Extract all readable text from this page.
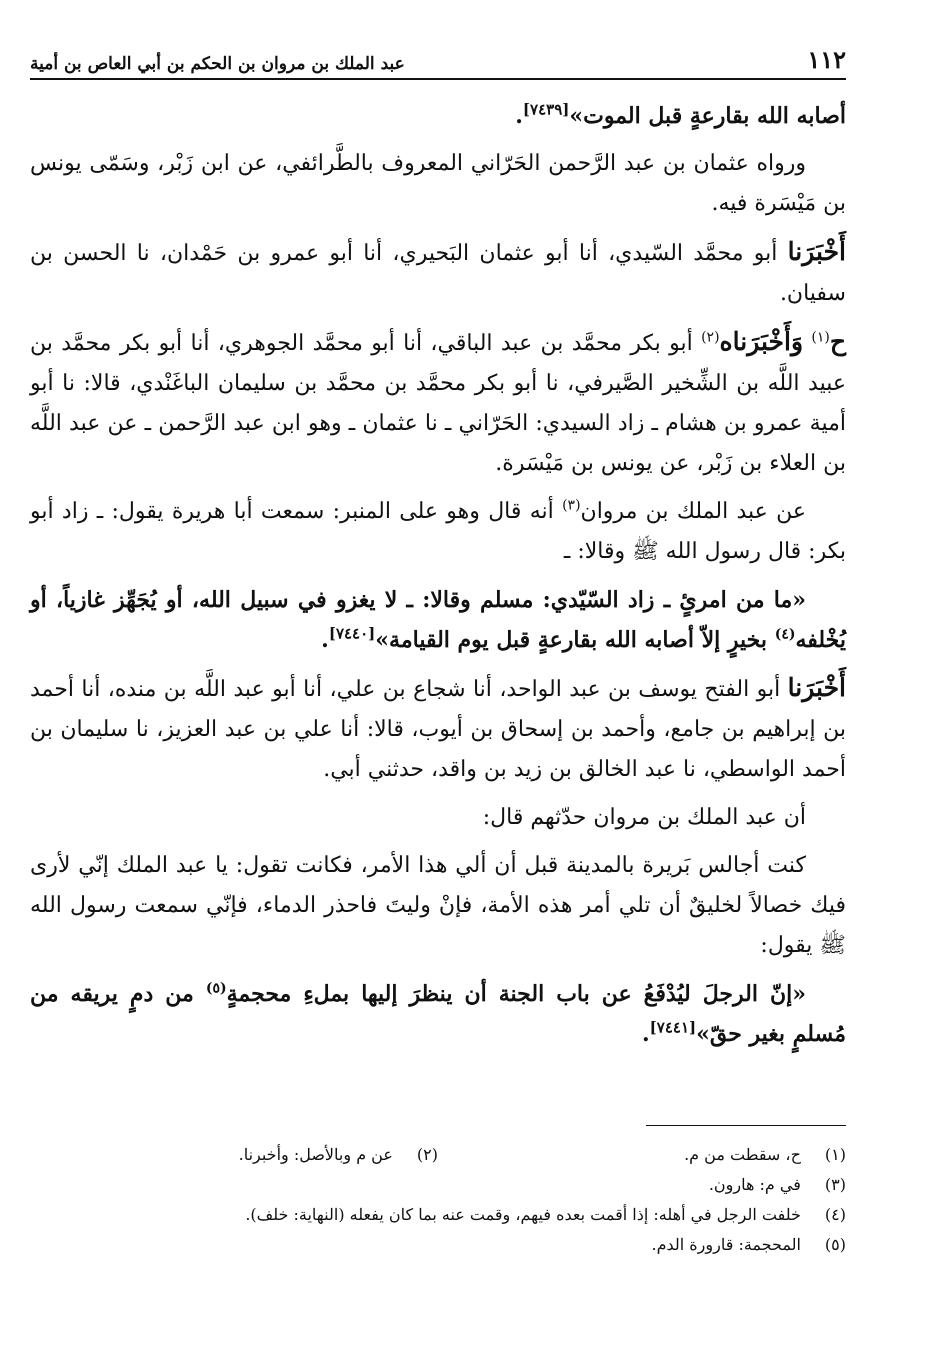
١١٢
عبد الملك بن مروان بن الحكم بن أبي العاص بن أمية

أصابه الله بقارعةٍ قبل الموت»[٧٤٣٩].

ورواه عثمان بن عبد الرَّحمن الحَرّاني المعروف بالطَّرائفي، عن ابن زَبْر، وسَمّى يونس بن مَيْسَرة فيه.

أَخْبَرَنا أبو محمَّد السّيدي، أنا أبو عثمان البَحيري، أنا أبو عمرو بن حَمْدان، نا الحسن بن سفيان.

ح$^{(١)}$ وَأَخْبَرَناه$^{(٢)}$ أبو بكر محمَّد بن عبد الباقي، أنا أبو محمَّد الجوهري، أنا أبو بكر محمَّد بن عبيد اللَّه بن الشِّخير الصَّيرفي، نا أبو بكر محمَّد بن محمَّد بن سليمان الباغَنْدي، قالا: نا أبو أمية عمرو بن هشام ـ زاد السيدي: الحَرّاني ـ نا عثمان ـ وهو ابن عبد الرَّحمن ـ عن عبد اللَّه بن العلاء بن زَبْر، عن يونس بن مَيْسَرة.

عن عبد الملك بن مروان$^{(٣)}$ أنه قال وهو على المنبر: سمعت أبا هريرة يقول: ـ زاد أبو بكر: قال رسول الله ﷺ وقالا: ـ

«ما من امرئٍ ـ زاد السّيّدي: مسلم وقالا: ـ لا يغزو في سبيل الله، أو يُجَهِّز غازياً، أو يُخْلفه$^{(٤)}$ بخيرٍ إلاّ أصابه الله بقارعةٍ قبل يوم القيامة»[٧٤٤٠].

أَخْبَرَنا أبو الفتح يوسف بن عبد الواحد، أنا شجاع بن علي، أنا أبو عبد اللَّه بن منده، أنا أحمد بن إبراهيم بن جامع، وأحمد بن إسحاق بن أيوب، قالا: أنا علي بن عبد العزيز، نا سليمان بن أحمد الواسطي، نا عبد الخالق بن زيد بن واقد، حدثني أبي.

أن عبد الملك بن مروان حدّثهم قال:

كنت أجالس بَريرة بالمدينة قبل أن ألي هذا الأمر، فكانت تقول: يا عبد الملك إنّي لأرى فيك خصالاً لخليقٌ أن تلي أمر هذه الأمة، فإنْ وليتَ فاحذر الدماء، فإنّي سمعت رسول الله ﷺ يقول:

«إنّ الرجلَ ليُدْفَعُ عن باب الجنة أن ينظرَ إليها بملءِ محجمةٍ$^{(٥)}$ من دمٍ يريقه من مُسلمٍ بغير حقّ»[٧٤٤١].

(١) ح، سقطت من م.
(٢) عن م وبالأصل: وأخبرنا.
(٣) في م: هارون.
(٤) خلفت الرجل في أهله: إذا أقمت بعده فيهم، وقمت عنه بما كان يفعله (النهاية: خلف).
(٥) المحجمة: قارورة الدم.
